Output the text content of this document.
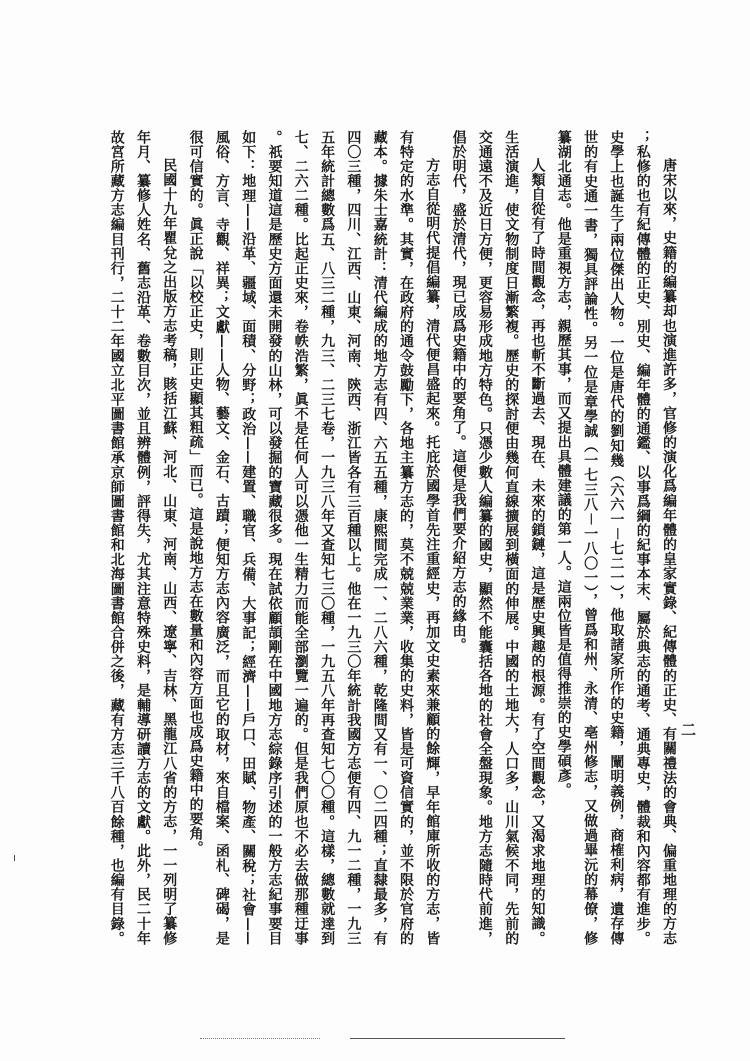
二
唐宋以來，史籍的編纂却也演進許多，官修的演化爲編年體的皇家實錄、紀傳體的正史、有關禮法的會典、偏重地理的方志
；私修的也有紀傳體的正史、別史、編年體的通鑑、以事爲綱的紀事本末、屬於典志的通考、通典專史，體裁和內容都有進步。
史學上也誕生了兩位傑出人物。一位是唐代的劉知幾（六六一－七二一），他取諸家所作的史籍，闡明義例，商榷利病，遺存傳
世的有史通一書，獨具評論性。另一位是章學誠（一七三八－一八〇一），曾爲和州、永清、亳州修志，又做過畢沅的幕僚，修
纂湖北通志。他是重視方志，親歷其事，而又提出具體建議的第一人。這兩位皆是值得推崇的史學碩彥。
人類自從有了時間觀念，再也斬不斷過去、現在、未來的鎖鏈，這是歷史興趣的根源。有了空間觀念，又渴求地理的知識。
生活演進，使文物制度日漸繁複。歷史的探討便由幾何直線擴展到橫面的伸展。中國的土地大，人口多，山川氣候不同，先前的
交通遠不及近日方便，更容易形成地方特色。只憑少數人編纂的國史，顯然不能囊括各地的社會全盤現象。地方志隨時代前進，
倡於明代，盛於清代，現已成爲史籍中的要角了。這便是我們要介紹方志的緣由。
方志自從明代提倡編纂，清代便昌盛起來。托庇於國學首先注重經史，再加文史素來兼顧的餘輝，早年館庫所收的方志，皆
有特定的水準。其實，在政府的通令鼓勵下，各地主纂方志的，莫不兢兢業業，收集的史料，皆是可資信實的，並不限於官府的
藏本。據朱士嘉統計：清代編成的地方志有四、六五五種，康熙間完成一、二八六種，乾隆間又有一、〇二四種；直隸最多，有
四〇三種，四川、江西、山東、河南、陝西、浙江皆各有三百種以上。他在一九三〇年統計我國方志便有四、九一二種，一九三
五年統計總數爲五、八三二種，九三、二三七卷，一九三八年又查知七三〇種，一九五八年再查知七〇〇種。這樣，總數就達到
七、二六二種。比起正史來，卷帙浩繁，眞不是任何人可以憑他一生精力而能全部瀏覽一遍的。但是我們原也不必去做那種迂事
。祇要知道這是歷史方面還未開發的山林，可以發掘的寶藏很多。現在試依顧頡剛在中國地方志綜錄序引述的一般方志紀事要目
如下：地理——沿革、疆域、面積、分野；政治——建置、職官、兵備、大事記；經濟——戶口、田賦、物產、關稅；社會——
風俗、方言、寺觀、祥異；文獻——人物、藝文、金石、古蹟；便知方志內容廣泛，而且它的取材，來自檔案、函札、碑碣，是
很可信實的。眞正說「以校正史，則正史顯其粗疏」而已。這是說地方志在數量和內容方面也成爲史籍中的要角。
民國十九年瞿兌之出版方志考稿，賅括江蘇、河北、山東、河南、山西、遼寧、吉林、黑龍江八省的方志，一一列明了纂修
年月、纂修人姓名、舊志沿革、卷數目次，並且辨體例，評得失，尤其注意特殊史料，是輔導研讀方志的文獻。此外，民二十年
故宮所藏方志編目刊行，二十二年國立北平圖書館承京師圖書館和北海圖書館合併之後，藏有方志三千八百餘種，也編有目錄。
